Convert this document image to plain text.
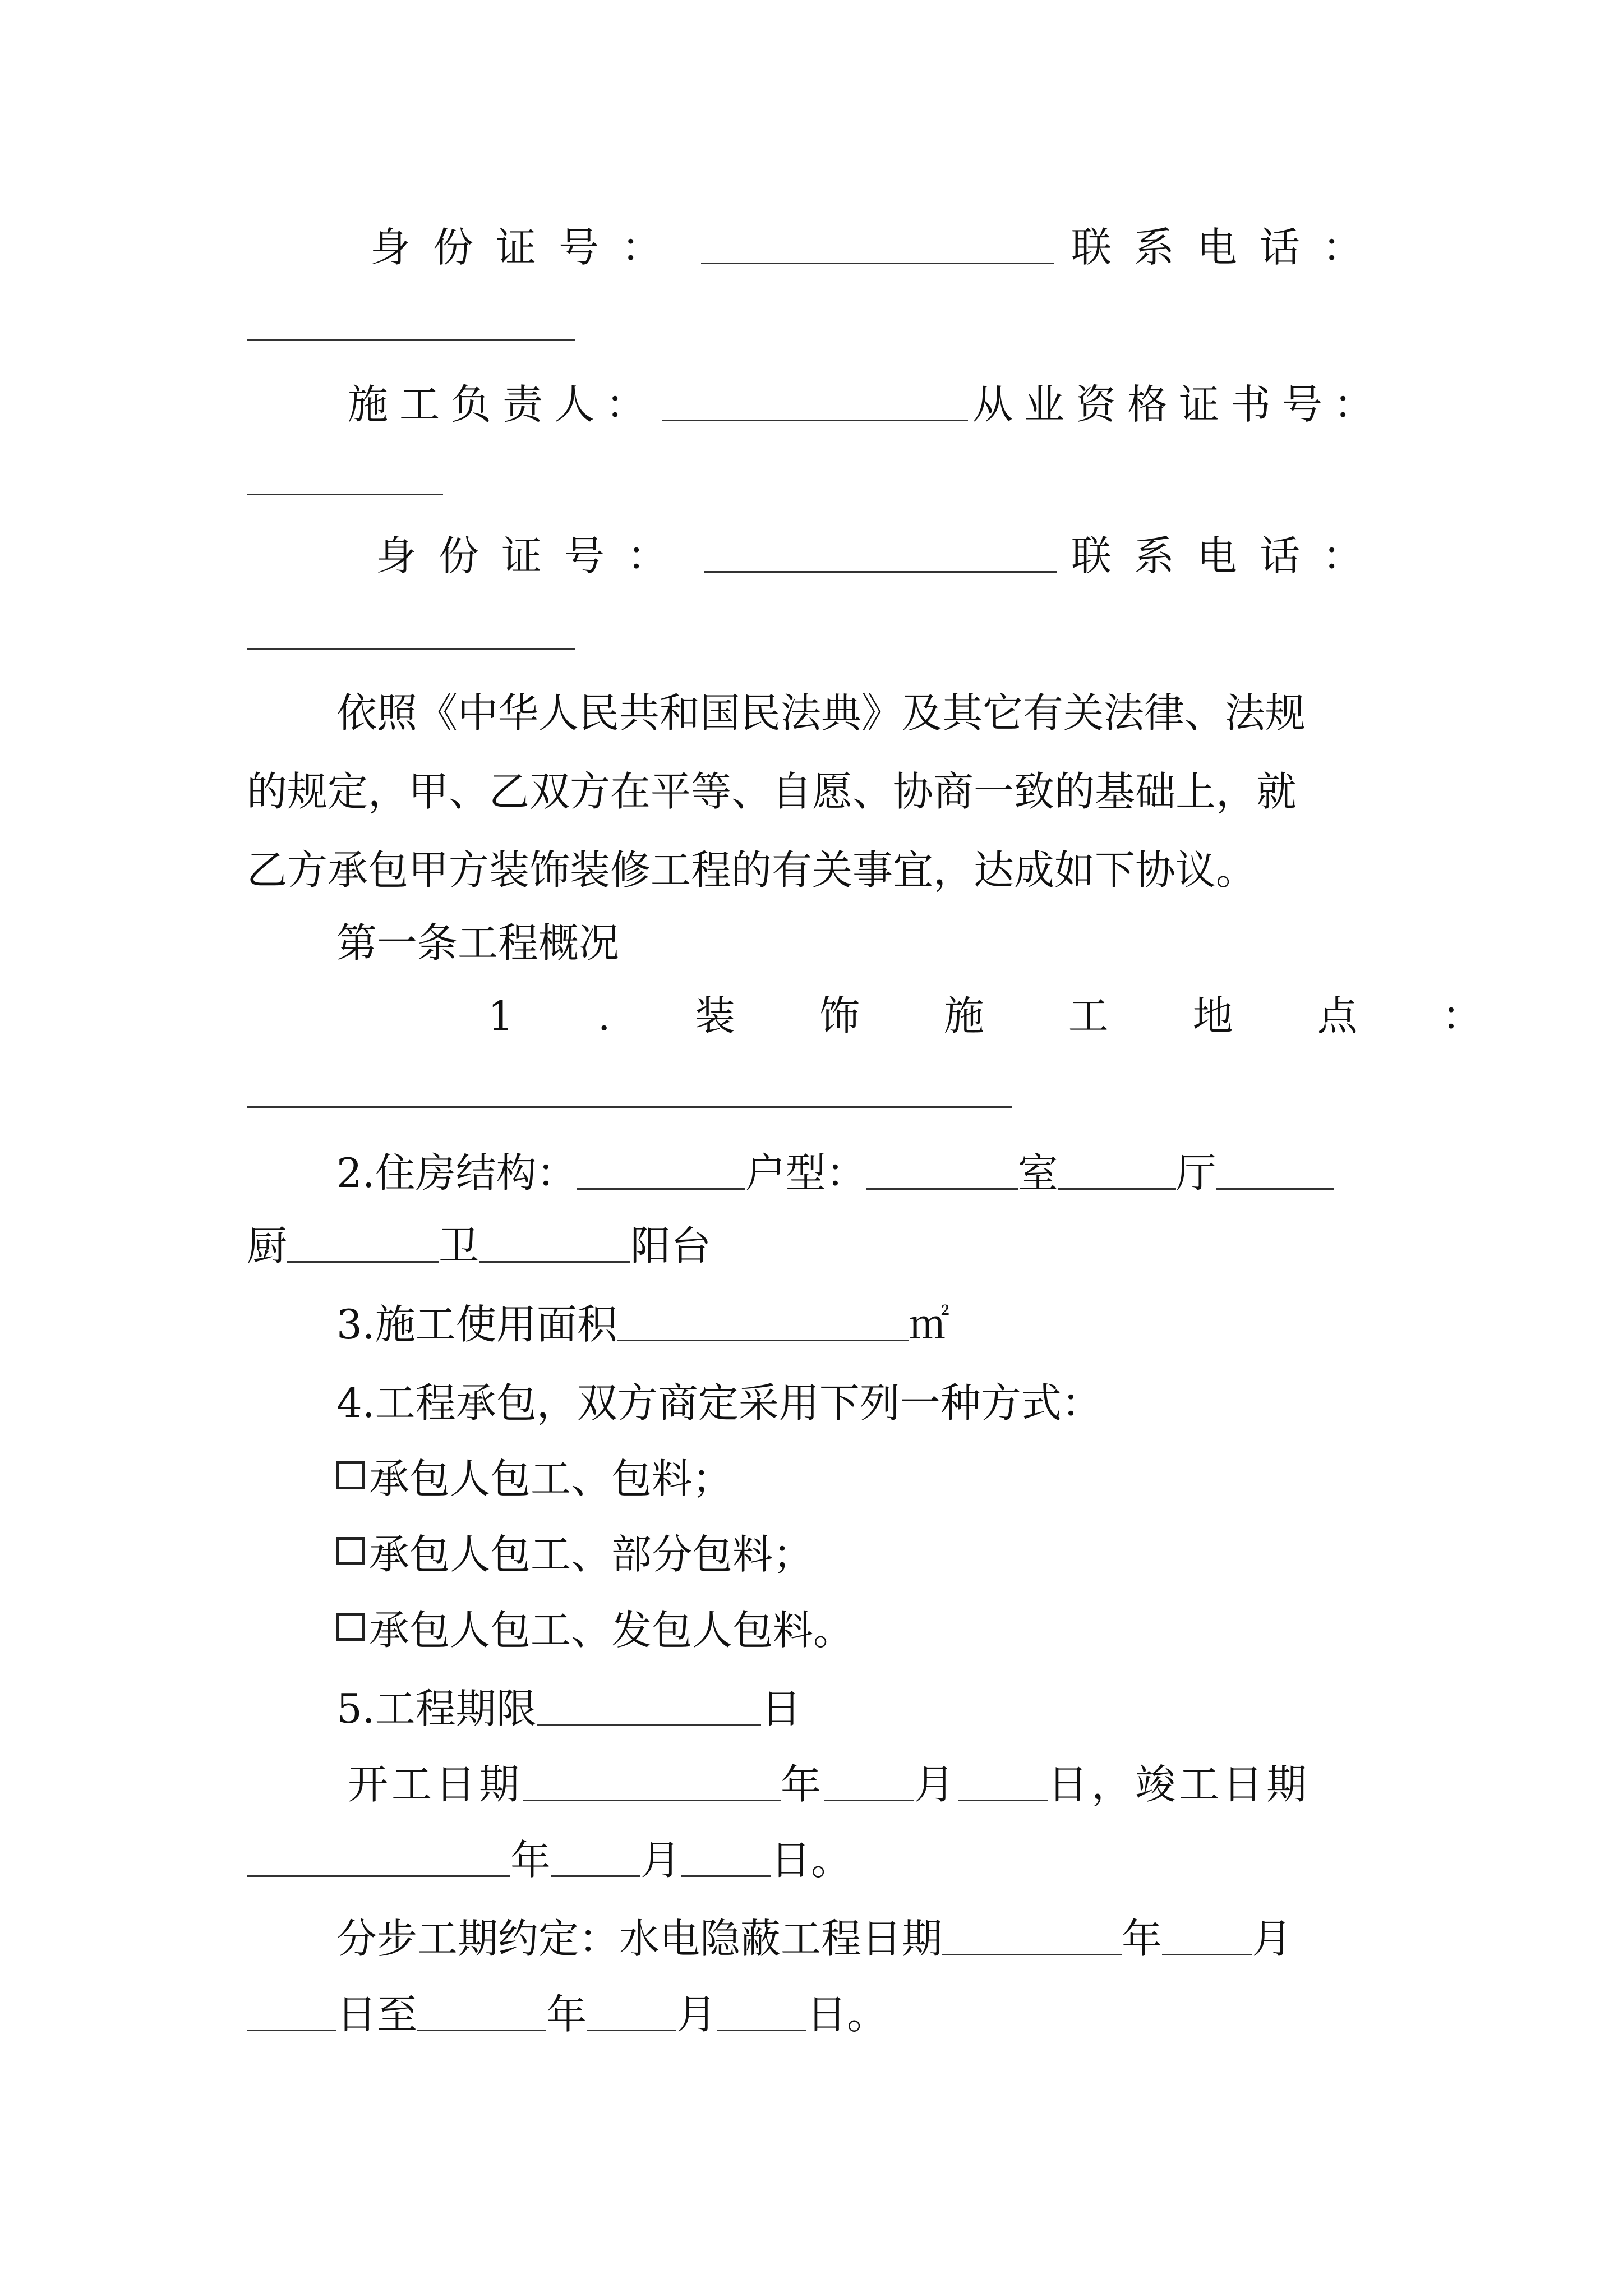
身份证号：	联系电话：
施工负责人：	从业资格证书号：
身份证号：	联系电话：
依照《中华人民共和国民法典》及其它有关法律、法规
的规定，甲、乙双方在平等、自愿、协商一致的基础上，就
乙方承包甲方装饰装修工程的有关事宜，达成如下协议。
第一条工程概况
1.装饰施工地点：
2.住房结构：	户型：	室	厅
厨	卫	阳台
3.施工使用面积	㎡
4.工程承包，双方商定采用下列一种方式：
承包人包工、包料；
承包人包工、部分包料；
承包人包工、发包人包料。
5.工程期限	日
开工日期	年 月 日，竣工日期
年 月 日。
分步工期约定：水电隐蔽工程日期	年 月
日至	年 月 日。
